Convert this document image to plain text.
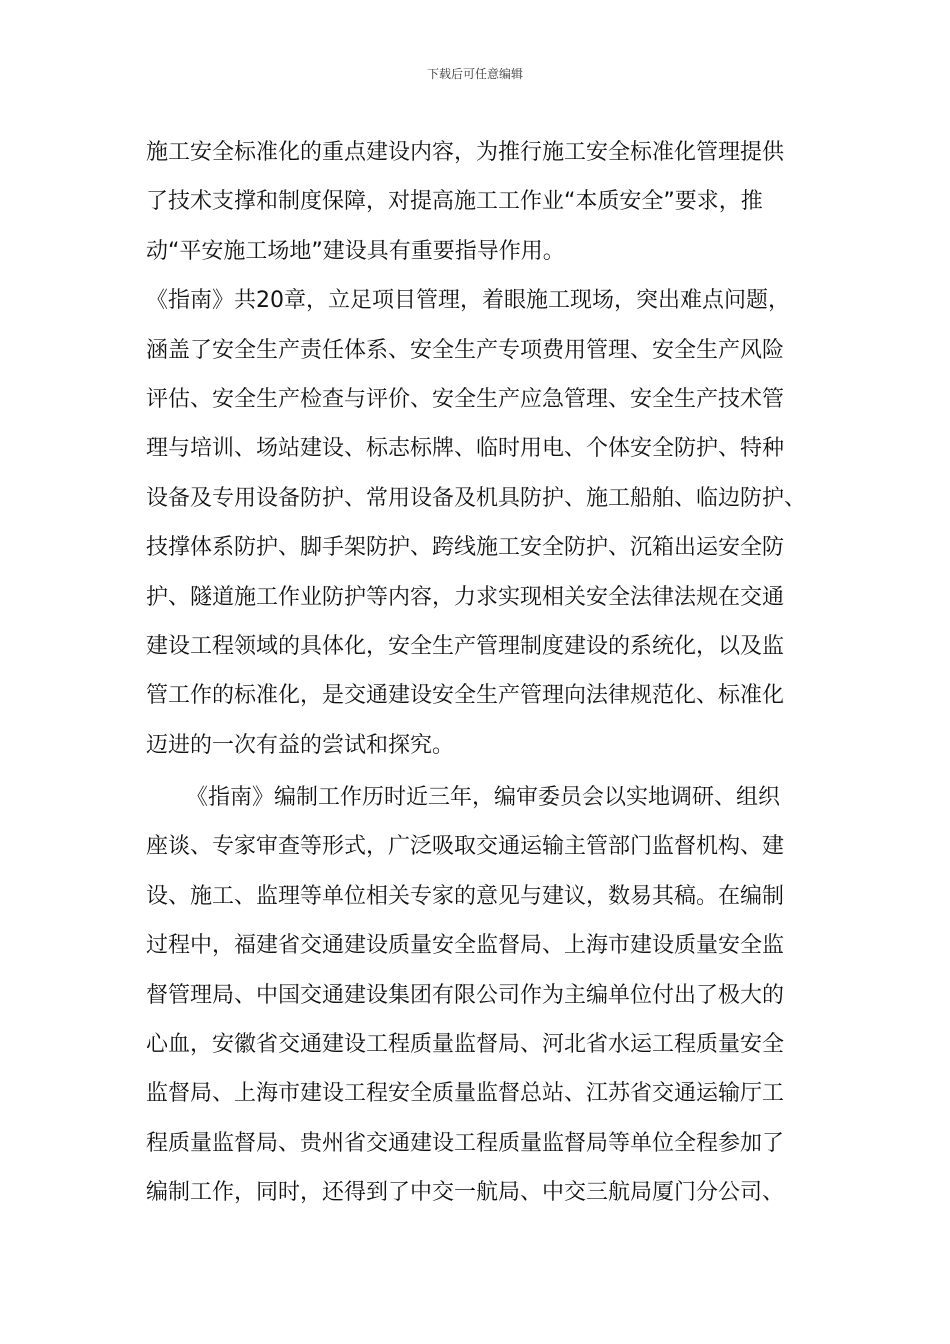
下载后可任意编辑
施工安全标准化的重点建设内容，为推行施工安全标准化管理提供
了技术支撑和制度保障，对提高施工工作业“本质安全”要求，推
动“平安施工场地”建设具有重要指导作用。
《指南》共20章，立足项目管理，着眼施工现场，突出难点问题，
涵盖了安全生产责任体系、安全生产专项费用管理、安全生产风险
评估、安全生产检查与评价、安全生产应急管理、安全生产技术管
理与培训、场站建设、标志标牌、临时用电、个体安全防护、特种
设备及专用设备防护、常用设备及机具防护、施工船舶、临边防护、
技撑体系防护、脚手架防护、跨线施工安全防护、沉箱出运安全防
护、隧道施工作业防护等内容，力求实现相关安全法律法规在交通
建设工程领域的具体化，安全生产管理制度建设的系统化，以及监
管工作的标准化，是交通建设安全生产管理向法律规范化、标准化
迈进的一次有益的尝试和探究。
《指南》编制工作历时近三年，编审委员会以实地调研、组织
座谈、专家审查等形式，广泛吸取交通运输主管部门监督机构、建
设、施工、监理等单位相关专家的意见与建议，数易其稿。在编制
过程中，福建省交通建设质量安全监督局、上海市建设质量安全监
督管理局、中国交通建设集团有限公司作为主编单位付出了极大的
心血，安徽省交通建设工程质量监督局、河北省水运工程质量安全
监督局、上海市建设工程安全质量监督总站、江苏省交通运输厅工
程质量监督局、贵州省交通建设工程质量监督局等单位全程参加了
编制工作，同时，还得到了中交一航局、中交三航局厦门分公司、
